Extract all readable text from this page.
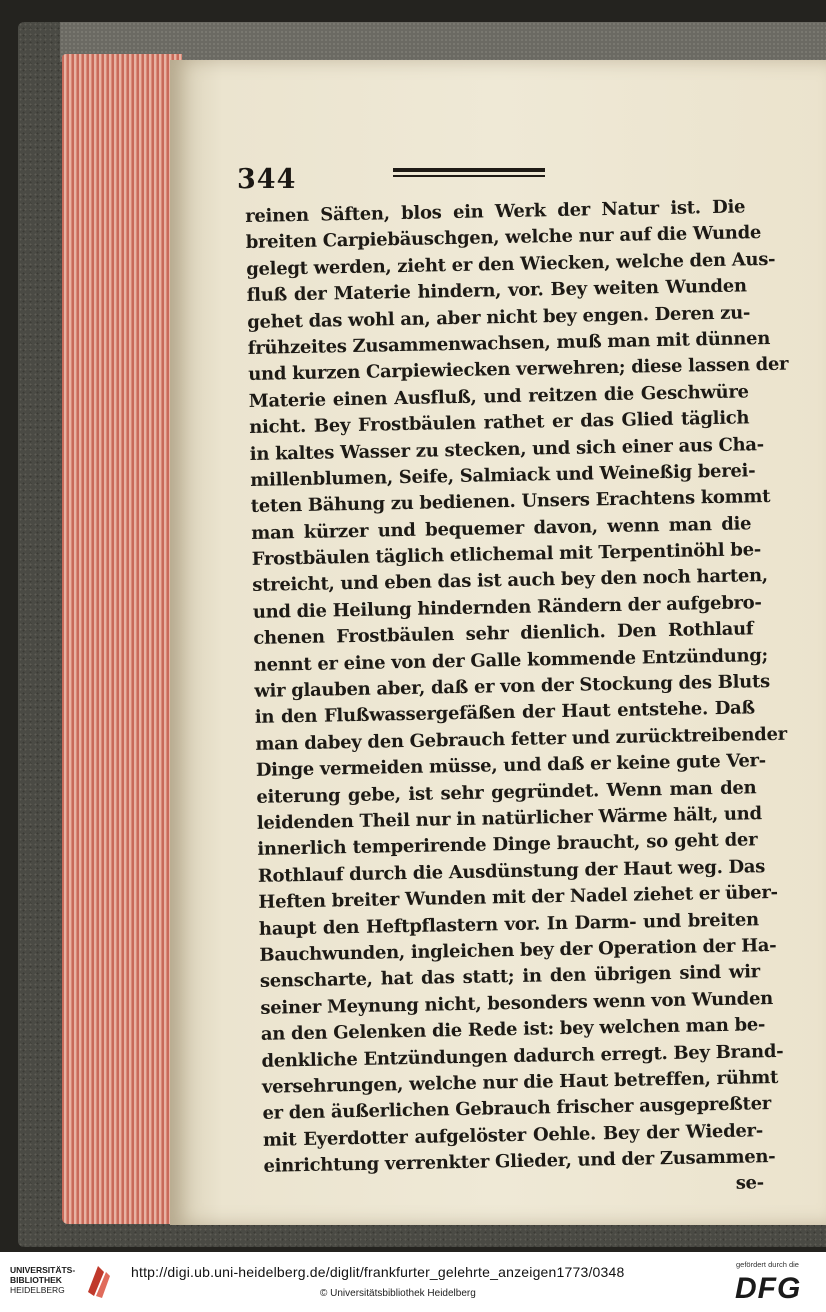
344
reinen Säften, blos ein Werk der Natur ist. Die
breiten Carpiebäuschgen, welche nur auf die Wunde
gelegt werden, zieht er den Wiecken, welche den Aus-
fluß der Materie hindern, vor. Bey weiten Wunden
gehet das wohl an, aber nicht bey engen. Deren zu-
frühzeites Zusammenwachsen, muß man mit dünnen
und kurzen Carpiewiecken verwehren; diese lassen der
Materie einen Ausfluß, und reitzen die Geschwüre
nicht. Bey Frostbäulen rathet er das Glied täglich
in kaltes Wasser zu stecken, und sich einer aus Cha-
millenblumen, Seife, Salmiack und Weineßig berei-
teten Bähung zu bedienen. Unsers Erachtens kommt
man kürzer und bequemer davon, wenn man die
Frostbäulen täglich etlichemal mit Terpentinöhl be-
streicht, und eben das ist auch bey den noch harten,
und die Heilung hindernden Rändern der aufgebro-
chenen Frostbäulen sehr dienlich. Den Rothlauf
nennt er eine von der Galle kommende Entzündung;
wir glauben aber, daß er von der Stockung des Bluts
in den Flußwassergefäßen der Haut entstehe. Daß
man dabey den Gebrauch fetter und zurücktreibender
Dinge vermeiden müsse, und daß er keine gute Ver-
eiterung gebe, ist sehr gegründet. Wenn man den
leidenden Theil nur in natürlicher Wärme hält, und
innerlich temperirende Dinge braucht, so geht der
Rothlauf durch die Ausdünstung der Haut weg. Das
Heften breiter Wunden mit der Nadel ziehet er über-
haupt den Heftpflastern vor. In Darm- und breiten
Bauchwunden, ingleichen bey der Operation der Ha-
senscharte, hat das statt; in den übrigen sind wir
seiner Meynung nicht, besonders wenn von Wunden
an den Gelenken die Rede ist: bey welchen man be-
denkliche Entzündungen dadurch erregt. Bey Brand-
versehrungen, welche nur die Haut betreffen, rühmt
er den äußerlichen Gebrauch frischer ausgepreßter
mit Eyerdotter aufgelöster Oehle. Bey der Wieder-
einrichtung verrenkter Glieder, und der Zusammen-
se-
UNIVERSITÄTS-
BIBLIOTHEK
HEIDELBERG
http://digi.ub.uni-heidelberg.de/diglit/frankfurter_gelehrte_anzeigen1773/0348
© Universitätsbibliothek Heidelberg
gefördert durch die
DFG
